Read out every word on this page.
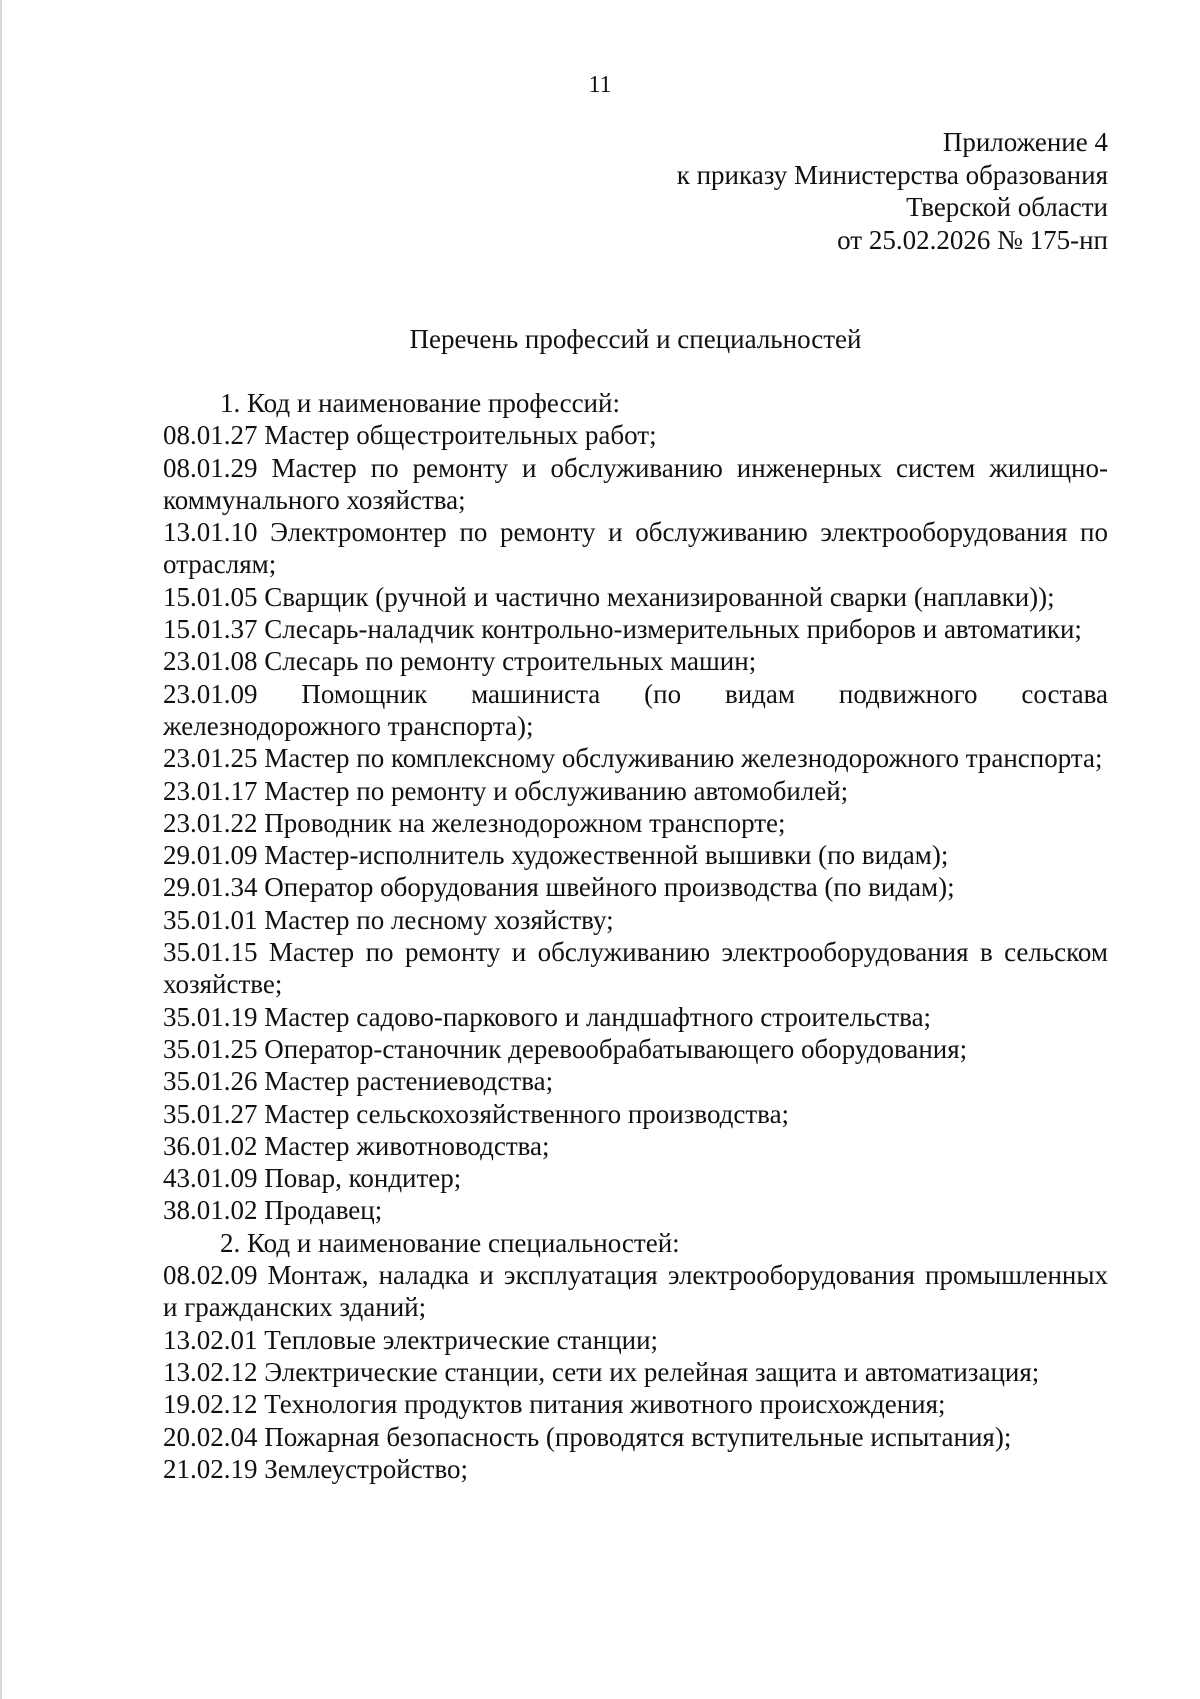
11
Приложение 4
к приказу Министерства образования
Тверской области
от 25.02.2026 № 175-нп
Перечень профессий и специальностей

1. Код и наименование профессий:

08.01.27 Мастер общестроительных работ;
08.01.29 Мастер по ремонту и обслуживанию инженерных систем жилищно-коммунального хозяйства;
13.01.10 Электромонтер по ремонту и обслуживанию электрооборудования по отраслям;
15.01.05 Сварщик (ручной и частично механизированной сварки (наплавки));
15.01.37 Слесарь-наладчик контрольно-измерительных приборов и автоматики;
23.01.08 Слесарь по ремонту строительных машин;
23.01.09 Помощник машиниста (по видам подвижного состава железнодорожного транспорта);
23.01.25 Мастер по комплексному обслуживанию железнодорожного транспорта;
23.01.17 Мастер по ремонту и обслуживанию автомобилей;
23.01.22 Проводник на железнодорожном транспорте;
29.01.09 Мастер-исполнитель художественной вышивки (по видам);
29.01.34 Оператор оборудования швейного производства (по видам);
35.01.01 Мастер по лесному хозяйству;
35.01.15 Мастер по ремонту и обслуживанию электрооборудования в сельском хозяйстве;
35.01.19 Мастер садово-паркового и ландшафтного строительства;
35.01.25 Оператор-станочник деревообрабатывающего оборудования;
35.01.26 Мастер растениеводства;
35.01.27 Мастер сельскохозяйственного производства;
36.01.02 Мастер животноводства;
43.01.09 Повар, кондитер;
38.01.02 Продавец;

2. Код и наименование специальностей:

08.02.09 Монтаж, наладка и эксплуатация электрооборудования промышленных и гражданских зданий;
13.02.01 Тепловые электрические станции;
13.02.12 Электрические станции, сети их релейная защита и автоматизация;
19.02.12 Технология продуктов питания животного происхождения;
20.02.04 Пожарная безопасность (проводятся вступительные испытания);
21.02.19 Землеустройство;
